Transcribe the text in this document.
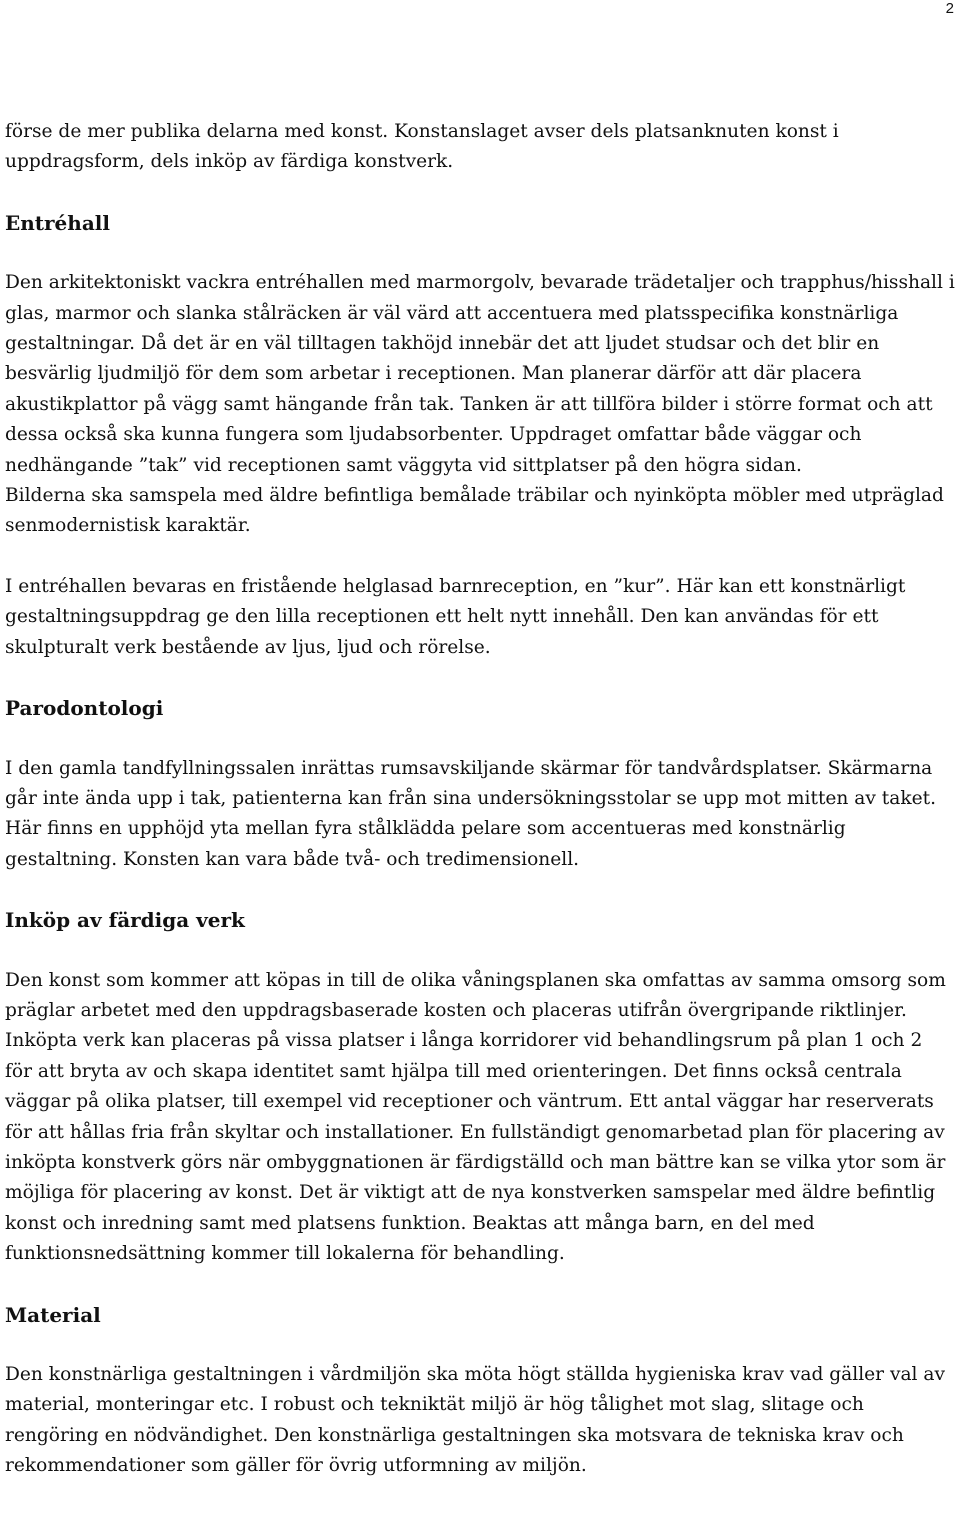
2

förse de mer publika delarna med konst. Konstanslaget avser dels platsanknuten konst i uppdragsform, dels inköp av färdiga konstverk.

Entréhall

Den arkitektoniskt vackra entréhallen med marmorgolv, bevarade trädetaljer och trapphus/hisshall i glas, marmor och slanka stålräcken är väl värd att accentuera med platsspecifika konstnärliga gestaltningar. Då det är en väl tilltagen takhöjd innebär det att ljudet studsar och det blir en besvärlig ljudmiljö för dem som arbetar i receptionen. Man planerar därför att där placera akustikplattor på vägg samt hängande från tak. Tanken är att tillföra bilder i större format och att dessa också ska kunna fungera som ljudabsorbenter. Uppdraget omfattar både väggar och nedhängande ”tak” vid receptionen samt väggyta vid sittplatser på den högra sidan.

Bilderna ska samspela med äldre befintliga bemålade träbilar och nyinköpta möbler med utpräglad senmodernistisk karaktär.

I entréhallen bevaras en fristående helglasad barnreception, en ”kur”. Här kan ett konstnärligt gestaltningsuppdrag ge den lilla receptionen ett helt nytt innehåll. Den kan användas för ett skulpturalt verk bestående av ljus, ljud och rörelse.

Parodontologi

I den gamla tandfyllningssalen inrättas rumsavskiljande skärmar för tandvårdsplatser. Skärmarna går inte ända upp i tak, patienterna kan från sina undersökningsstolar se upp mot mitten av taket. Här finns en upphöjd yta mellan fyra stålklädda pelare som accentueras med konstnärlig gestaltning. Konsten kan vara både två- och tredimensionell.

Inköp av färdiga verk

Den konst som kommer att köpas in till de olika våningsplanen ska omfattas av samma omsorg som präglar arbetet med den uppdragsbaserade kosten och placeras utifrån övergripande riktlinjer. Inköpta verk kan placeras på vissa platser i långa korridorer vid behandlingsrum på plan 1 och 2 för att bryta av och skapa identitet samt hjälpa till med orienteringen. Det finns också centrala väggar på olika platser, till exempel vid receptioner och väntrum. Ett antal väggar har reserverats för att hållas fria från skyltar och installationer. En fullständigt genomarbetad plan för placering av inköpta konstverk görs när ombyggnationen är färdigställd och man bättre kan se vilka ytor som är möjliga för placering av konst. Det är viktigt att de nya konstverken samspelar med äldre befintlig konst och inredning samt med platsens funktion. Beaktas att många barn, en del med funktionsnedsättning kommer till lokalerna för behandling.

Material

Den konstnärliga gestaltningen i vårdmiljön ska möta högt ställda hygieniska krav vad gäller val av material, monteringar etc. I robust och tekniktät miljö är hög tålighet mot slag, slitage och rengöring en nödvändighet. Den konstnärliga gestaltningen ska motsvara de tekniska krav och rekommendationer som gäller för övrig utformning av miljön.
